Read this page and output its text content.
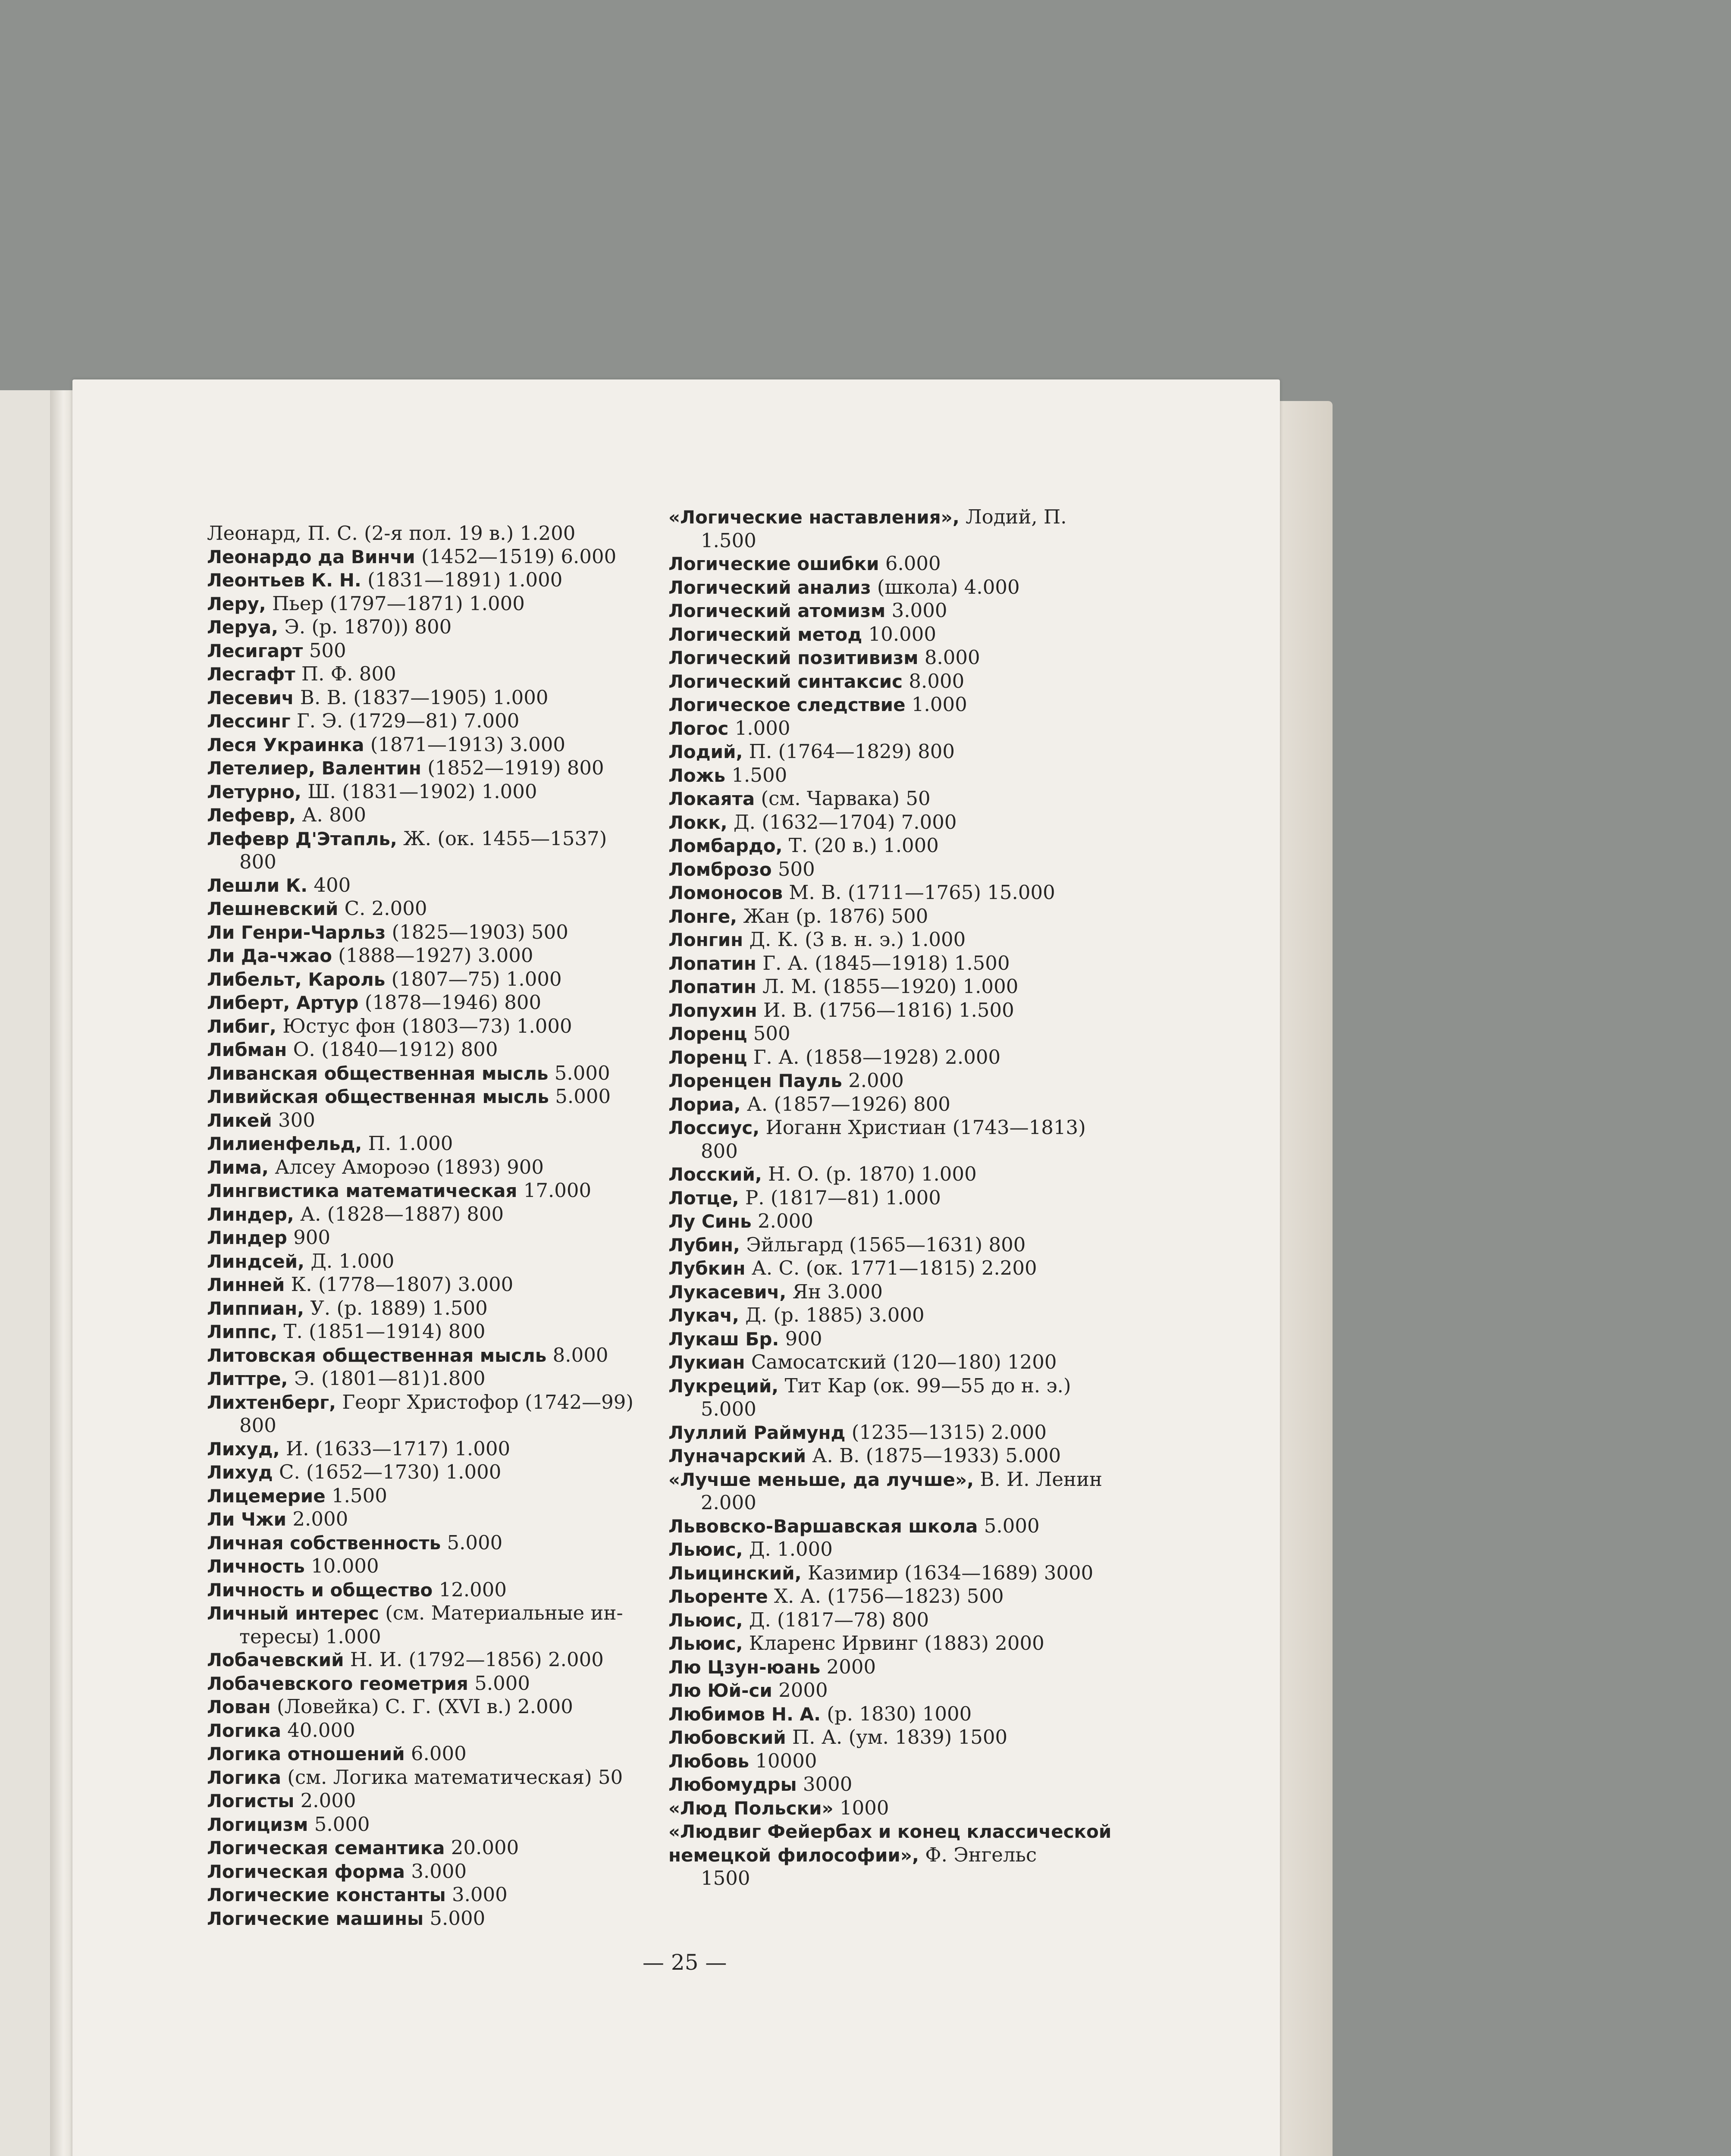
Леонард, П. С. (2-я пол. 19 в.) 1.200
Леонардо да Винчи (1452—1519) 6.000
Леонтьев К. Н. (1831—1891) 1.000
Леру, Пьер (1797—1871) 1.000
Леруа, Э. (р. 1870)) 800
Лесигарт 500
Лесгафт П. Ф. 800
Лесевич В. В. (1837—1905) 1.000
Лессинг Г. Э. (1729—81) 7.000
Леся Украинка (1871—1913) 3.000
Летелиер, Валентин (1852—1919) 800
Летурно, Ш. (1831—1902) 1.000
Лефевр, А. 800
Лефевр Д'Этапль, Ж. (ок. 1455—1537)
800
Лешли К. 400
Лешневский С. 2.000
Ли Генри-Чарльз (1825—1903) 500
Ли Да-чжао (1888—1927) 3.000
Либельт, Кароль (1807—75) 1.000
Либерт, Артур (1878—1946) 800
Либиг, Юстус фон (1803—73) 1.000
Либман О. (1840—1912) 800
Ливанская общественная мысль 5.000
Ливийская общественная мысль 5.000
Ликей 300
Лилиенфельд, П. 1.000
Лима, Алсеу Амороэо (1893) 900
Лингвистика математическая 17.000
Линдер, А. (1828—1887) 800
Линдер 900
Линдсей, Д. 1.000
Линней К. (1778—1807) 3.000
Липпиан, У. (р. 1889) 1.500
Липпс, Т. (1851—1914) 800
Литовская общественная мысль 8.000
Литтре, Э. (1801—81)1.800
Лихтенберг, Георг Христофор (1742—99)
800
Лихуд, И. (1633—1717) 1.000
Лихуд С. (1652—1730) 1.000
Лицемерие 1.500
Ли Чжи 2.000
Личная собственность 5.000
Личность 10.000
Личность и общество 12.000
Личный интерес (см. Материальные ин-
тересы) 1.000
Лобачевский Н. И. (1792—1856) 2.000
Лобачевского геометрия 5.000
Лован (Ловейка) С. Г. (XVI в.) 2.000
Логика 40.000
Логика отношений 6.000
Логика (см. Логика математическая) 50
Логисты 2.000
Логицизм 5.000
Логическая семантика 20.000
Логическая форма 3.000
Логические константы 3.000
Логические машины 5.000
«Логические наставления», Лодий, П.
1.500
Логические ошибки 6.000
Логический анализ (школа) 4.000
Логический атомизм 3.000
Логический метод 10.000
Логический позитивизм 8.000
Логический синтаксис 8.000
Логическое следствие 1.000
Логос 1.000
Лодий, П. (1764—1829) 800
Ложь 1.500
Локаята (см. Чарвака) 50
Локк, Д. (1632—1704) 7.000
Ломбардо, Т. (20 в.) 1.000
Ломброзо 500
Ломоносов М. В. (1711—1765) 15.000
Лонге, Жан (р. 1876) 500
Лонгин Д. К. (3 в. н. э.) 1.000
Лопатин Г. А. (1845—1918) 1.500
Лопатин Л. М. (1855—1920) 1.000
Лопухин И. В. (1756—1816) 1.500
Лоренц 500
Лоренц Г. А. (1858—1928) 2.000
Лоренцен Пауль 2.000
Лориа, А. (1857—1926) 800
Лоссиус, Иоганн Христиан (1743—1813)
800
Лосский, Н. О. (р. 1870) 1.000
Лотце, Р. (1817—81) 1.000
Лу Синь 2.000
Лубин, Эйльгард (1565—1631) 800
Лубкин А. С. (ок. 1771—1815) 2.200
Лукасевич, Ян 3.000
Лукач, Д. (р. 1885) 3.000
Лукаш Бр. 900
Лукиан Самосатский (120—180) 1200
Лукреций, Тит Кар (ок. 99—55 до н. э.)
5.000
Луллий Раймунд (1235—1315) 2.000
Луначарский А. В. (1875—1933) 5.000
«Лучше меньше, да лучше», В. И. Ленин
2.000
Львовско-Варшавская школа 5.000
Льюис, Д. 1.000
Льицинский, Казимир (1634—1689) 3000
Льоренте Х. А. (1756—1823) 500
Льюис, Д. (1817—78) 800
Льюис, Кларенс Ирвинг (1883) 2000
Лю Цзун-юань 2000
Лю Юй-си 2000
Любимов Н. А. (р. 1830) 1000
Любовский П. А. (ум. 1839) 1500
Любовь 10000
Любомудры 3000
«Люд Польски» 1000
«Людвиг Фейербах и конец классической немецкой философии», Ф. Энгельс
1500
— 25 —
